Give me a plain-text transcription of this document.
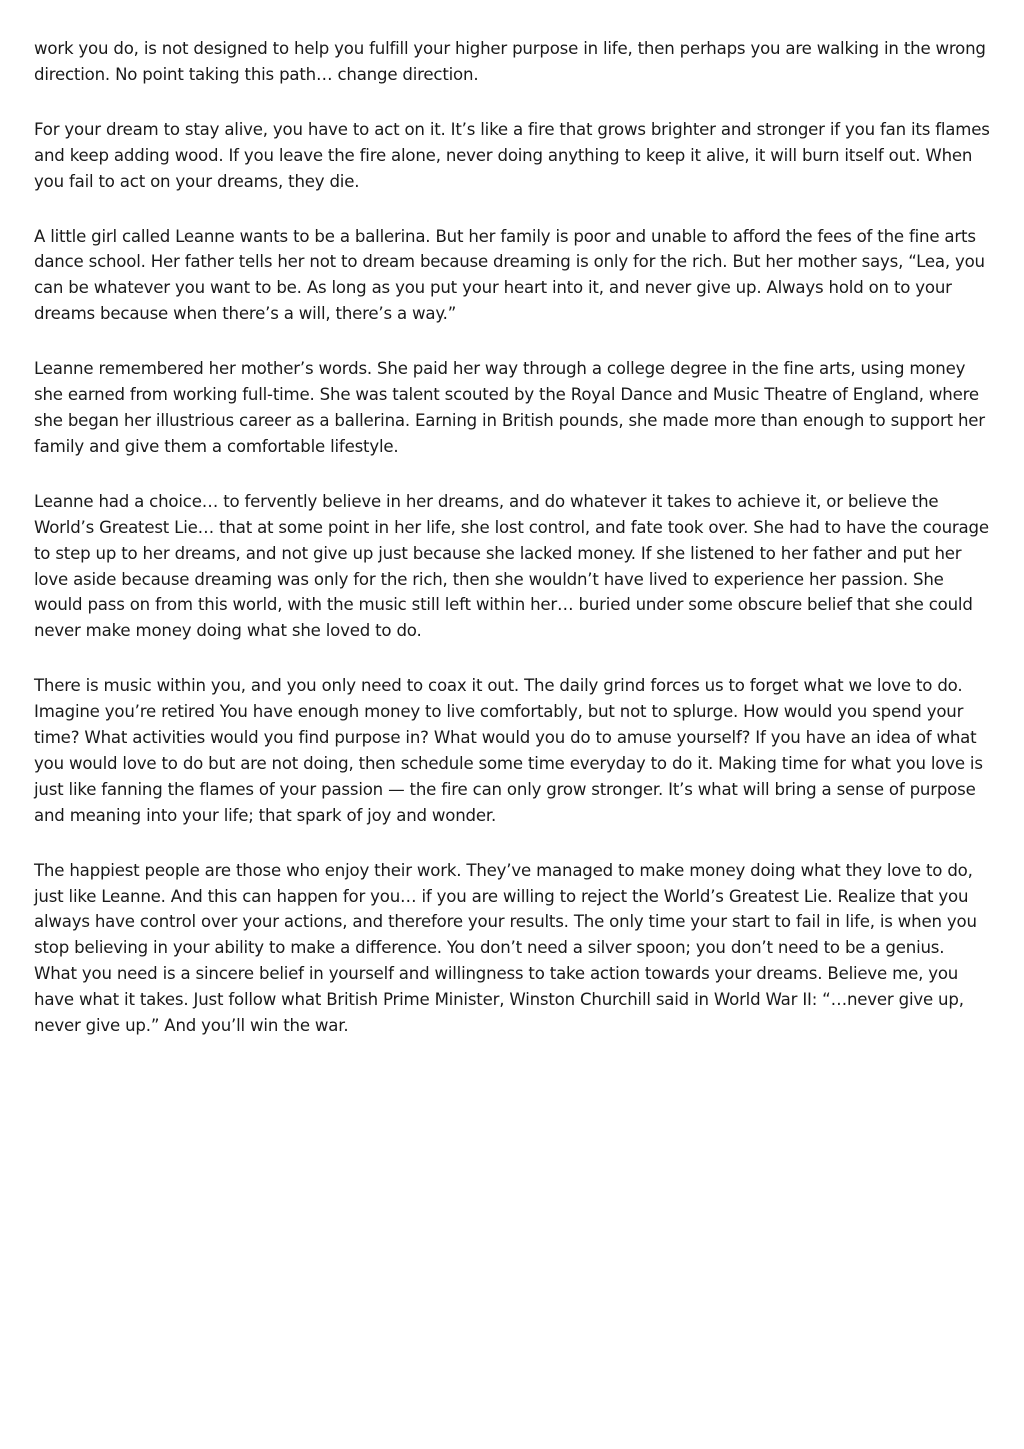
work you do, is not designed to help you fulfill your higher purpose in life, then perhaps you are walking in the wrong direction. No point taking this path… change direction.

For your dream to stay alive, you have to act on it. It’s like a fire that grows brighter and stronger if you fan its flames and keep adding wood. If you leave the fire alone, never doing anything to keep it alive, it will burn itself out. When you fail to act on your dreams, they die.

A little girl called Leanne wants to be a ballerina. But her family is poor and unable to afford the fees of the fine arts dance school. Her father tells her not to dream because dreaming is only for the rich. But her mother says, “Lea, you can be whatever you want to be. As long as you put your heart into it, and never give up. Always hold on to your dreams because when there’s a will, there’s a way.”

Leanne remembered her mother’s words. She paid her way through a college degree in the fine arts, using money she earned from working full-time. She was talent scouted by the Royal Dance and Music Theatre of England, where she began her illustrious career as a ballerina. Earning in British pounds, she made more than enough to support her family and give them a comfortable lifestyle.

Leanne had a choice… to fervently believe in her dreams, and do whatever it takes to achieve it, or believe the World’s Greatest Lie… that at some point in her life, she lost control, and fate took over. She had to have the courage to step up to her dreams, and not give up just because she lacked money. If she listened to her father and put her love aside because dreaming was only for the rich, then she wouldn’t have lived to experience her passion. She would pass on from this world, with the music still left within her… buried under some obscure belief that she could never make money doing what she loved to do.

There is music within you, and you only need to coax it out. The daily grind forces us to forget what we love to do. Imagine you’re retired You have enough money to live comfortably, but not to splurge. How would you spend your time? What activities would you find purpose in? What would you do to amuse yourself? If you have an idea of what you would love to do but are not doing, then schedule some time everyday to do it. Making time for what you love is just like fanning the flames of your passion — the fire can only grow stronger. It’s what will bring a sense of purpose and meaning into your life; that spark of joy and wonder.

The happiest people are those who enjoy their work. They’ve managed to make money doing what they love to do, just like Leanne. And this can happen for you… if you are willing to reject the World’s Greatest Lie. Realize that you always have control over your actions, and therefore your results. The only time your start to fail in life, is when you stop believing in your ability to make a difference. You don’t need a silver spoon; you don’t need to be a genius. What you need is a sincere belief in yourself and willingness to take action towards your dreams. Believe me, you have what it takes. Just follow what British Prime Minister, Winston Churchill said in World War II: “…never give up, never give up.” And you’ll win the war.
